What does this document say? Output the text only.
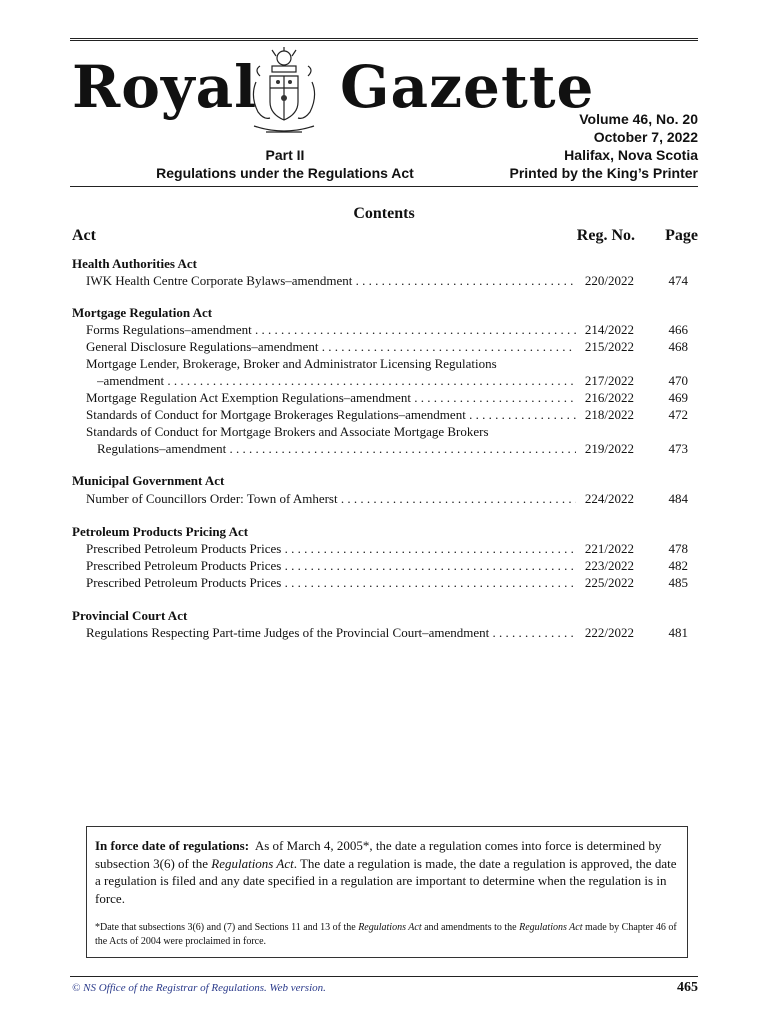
Royal Gazette
Part II
Regulations under the Regulations Act
Volume 46, No. 20
October 7, 2022
Halifax, Nova Scotia
Printed by the King’s Printer
Contents
Act	Reg. No.	Page
Health Authorities Act
IWK Health Centre Corporate Bylaws–amendment . . .	220/2022	474
Mortgage Regulation Act
Forms Regulations–amendment . . .	214/2022	466
General Disclosure Regulations–amendment . . .	215/2022	468
Mortgage Lender, Brokerage, Broker and Administrator Licensing Regulations
–amendment . . .	217/2022	470
Mortgage Regulation Act Exemption Regulations–amendment . . .	216/2022	469
Standards of Conduct for Mortgage Brokerages Regulations–amendment . . .	218/2022	472
Standards of Conduct for Mortgage Brokers and Associate Mortgage Brokers
Regulations–amendment . . .	219/2022	473
Municipal Government Act
Number of Councillors Order: Town of Amherst . . .	224/2022	484
Petroleum Products Pricing Act
Prescribed Petroleum Products Prices . . .	221/2022	478
Prescribed Petroleum Products Prices . . .	223/2022	482
Prescribed Petroleum Products Prices . . .	225/2022	485
Provincial Court Act
Regulations Respecting Part-time Judges of the Provincial Court–amendment . . .	222/2022	481

In force date of regulations: As of March 4, 2005*, the date a regulation comes into force is determined by subsection 3(6) of the Regulations Act. The date a regulation is made, the date a regulation is approved, the date a regulation is filed and any date specified in a regulation are important to determine when the regulation is in force.

*Date that subsections 3(6) and (7) and Sections 11 and 13 of the Regulations Act and amendments to the Regulations Act made by Chapter 46 of the Acts of 2004 were proclaimed in force.

© NS Office of the Registrar of Regulations. Web version.	465
